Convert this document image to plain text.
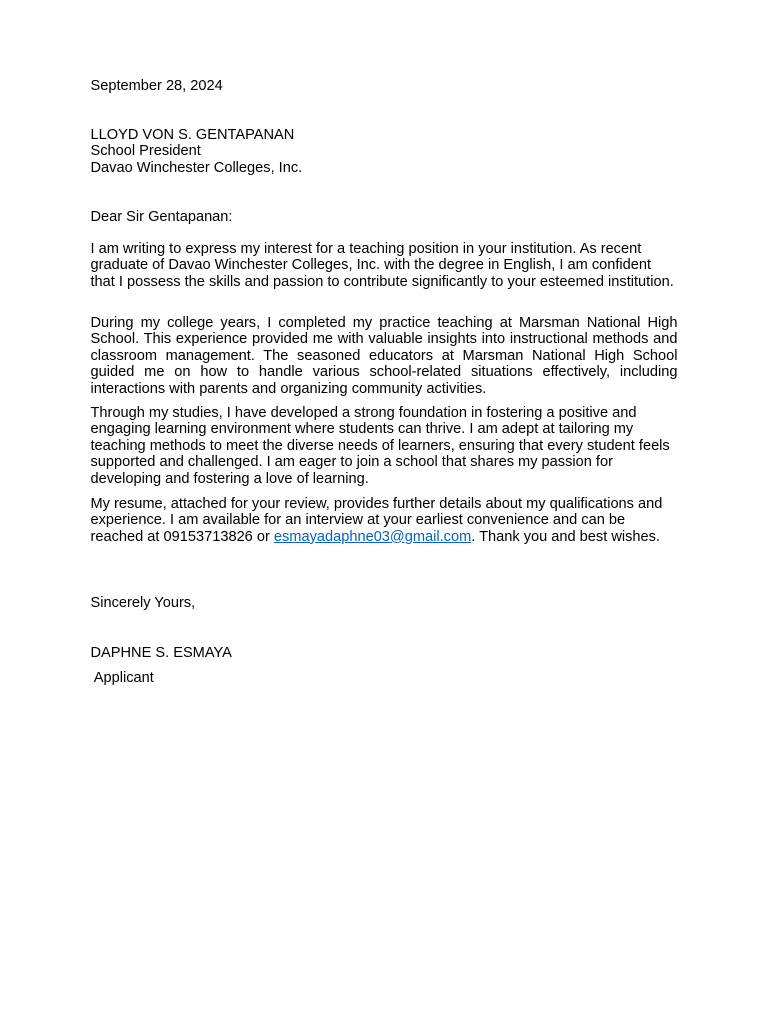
September 28, 2024

LLOYD VON S. GENTAPANAN

School President

Davao Winchester Colleges, Inc.

Dear Sir Gentapanan:

I am writing to express my interest for a teaching position in your institution. As recent graduate of Davao Winchester Colleges, Inc. with the degree in English, I am confident that I possess the skills and passion to contribute significantly to your esteemed institution.

During my college years, I completed my practice teaching at Marsman National High School. This experience provided me with valuable insights into instructional methods and classroom management. The seasoned educators at Marsman National High School guided me on how to handle various school-related situations effectively, including interactions with parents and organizing community activities.

Through my studies, I have developed a strong foundation in fostering a positive and engaging learning environment where students can thrive. I am adept at tailoring my teaching methods to meet the diverse needs of learners, ensuring that every student feels supported and challenged. I am eager to join a school that shares my passion for developing and fostering a love of learning.

My resume, attached for your review, provides further details about my qualifications and experience. I am available for an interview at your earliest convenience and can be reached at 09153713826 or esmayadaphne03@gmail.com. Thank you and best wishes.

Sincerely Yours,

DAPHNE S. ESMAYA

Applicant
